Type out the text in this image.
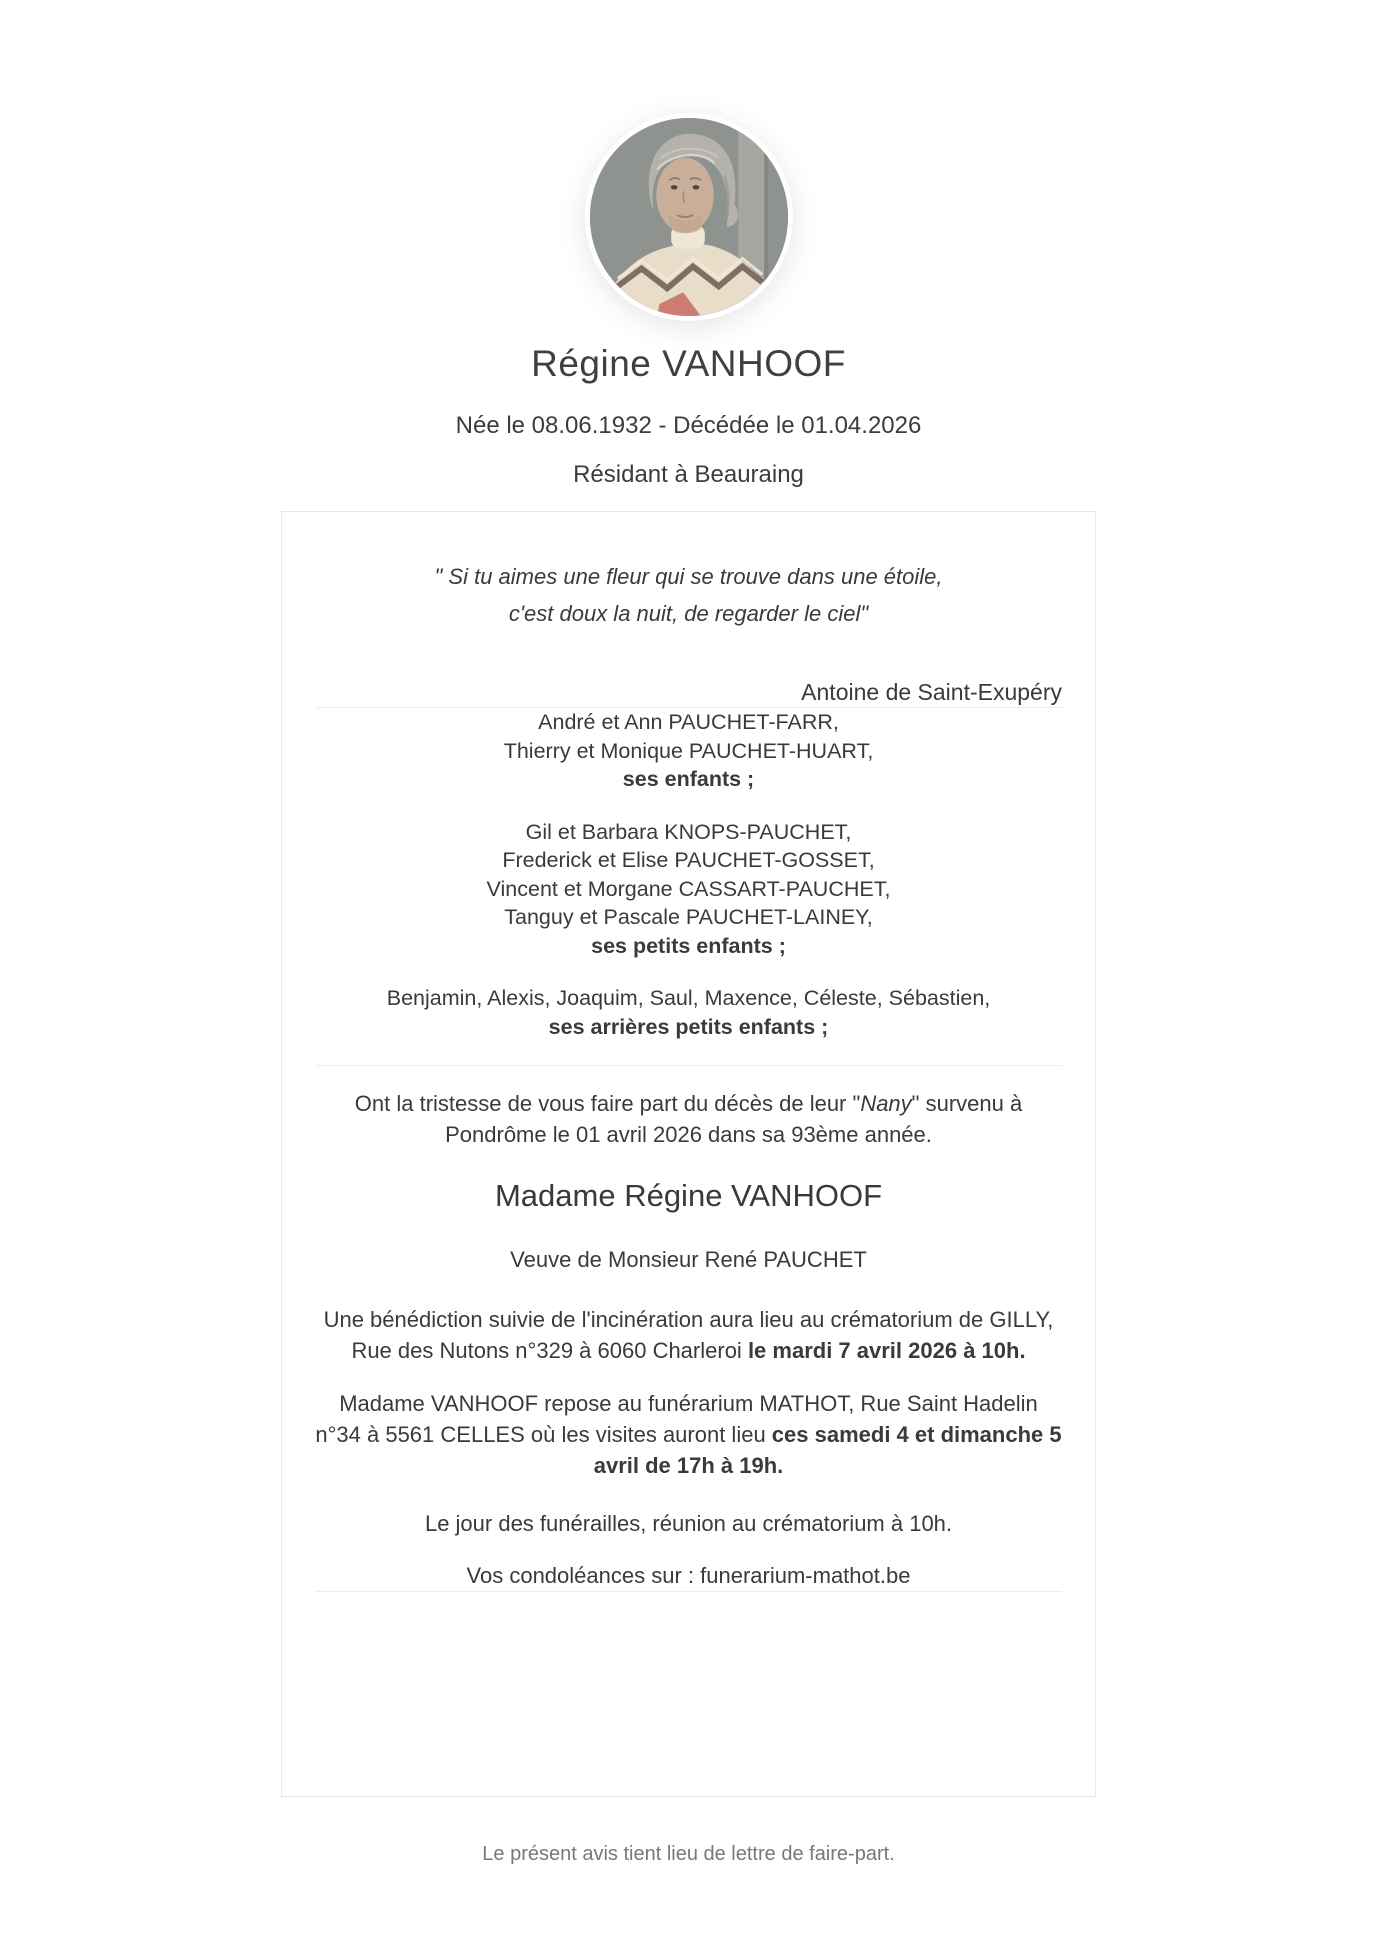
Régine VANHOOF
Née le 08.06.1932 - Décédée le 01.04.2026
Résidant à Beauraing
" Si tu aimes une fleur qui se trouve dans une étoile,
c'est doux la nuit, de regarder le ciel"
Antoine de Saint-Exupéry
André et Ann PAUCHET-FARR,
Thierry et Monique PAUCHET-HUART,
ses enfants ;
Gil et Barbara KNOPS-PAUCHET,
Frederick et Elise PAUCHET-GOSSET,
Vincent et Morgane CASSART-PAUCHET,
Tanguy et Pascale PAUCHET-LAINEY,
ses petits enfants ;
Benjamin, Alexis, Joaquim, Saul, Maxence, Céleste, Sébastien,
ses arrières petits enfants ;

Ont la tristesse de vous faire part du décès de leur "Nany" survenu à Pondrôme le 01 avril 2026 dans sa 93ème année.

Madame Régine VANHOOF
Veuve de Monsieur René PAUCHET

Une bénédiction suivie de l'incinération aura lieu au crématorium de GILLY, Rue des Nutons n°329 à 6060 Charleroi le mardi 7 avril 2026 à 10h.

Madame VANHOOF repose au funérarium MATHOT, Rue Saint Hadelin n°34 à 5561 CELLES où les visites auront lieu ces samedi 4 et dimanche 5 avril de 17h à 19h.

Le jour des funérailles, réunion au crématorium à 10h.
Vos condoléances sur : funerarium-mathot.be
Le présent avis tient lieu de lettre de faire-part.
